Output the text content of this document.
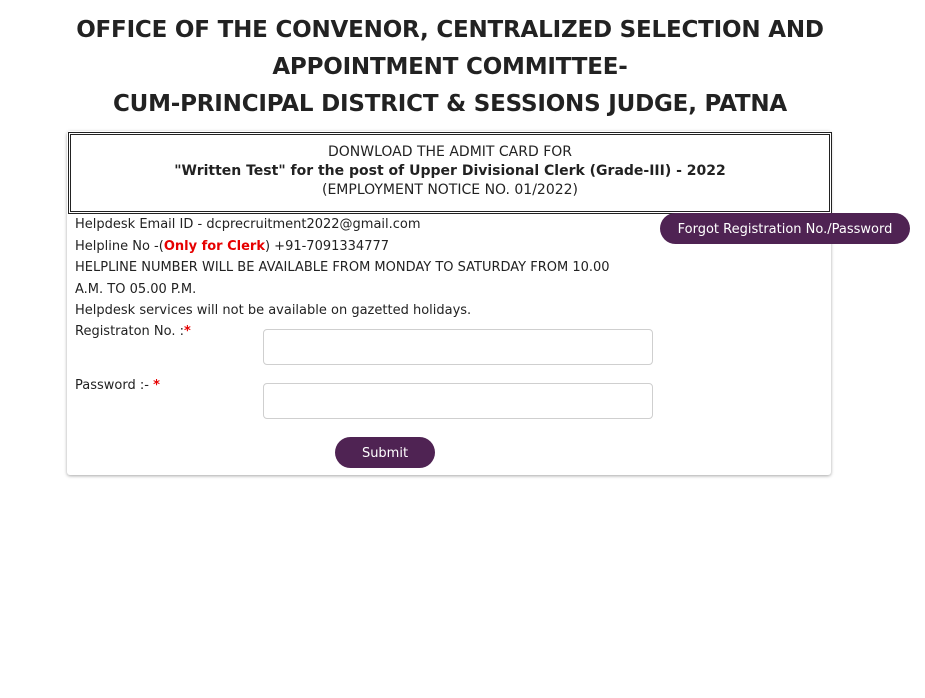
OFFICE OF THE CONVENOR, CENTRALIZED SELECTION AND
APPOINTMENT COMMITTEE-
CUM-PRINCIPAL DISTRICT & SESSIONS JUDGE, PATNA
DONWLOAD THE ADMIT CARD FOR
"Written Test" for the post of Upper Divisional Clerk (Grade-III) - 2022
(EMPLOYMENT NOTICE NO. 01/2022)
Helpdesk Email ID - dcprecruitment2022@gmail.com
Helpline No -(Only for Clerk) +91-7091334777
HELPLINE NUMBER WILL BE AVAILABLE FROM MONDAY TO SATURDAY FROM 10.00
A.M. TO 05.00 P.M.
Helpdesk services will not be available on gazetted holidays.
Registraton No. :*
Password :- *
Submit
Forgot Registration No./Password
